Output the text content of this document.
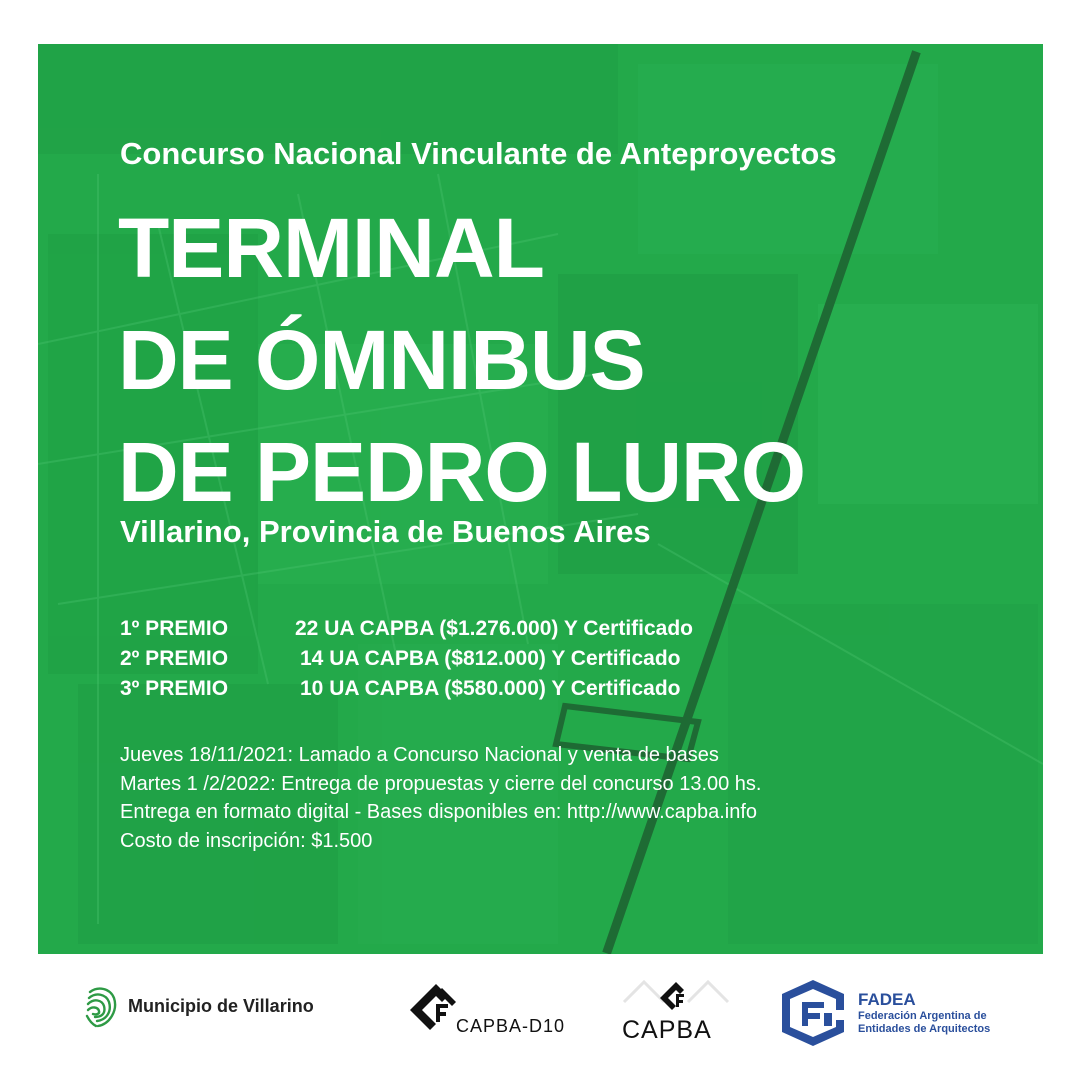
Concurso Nacional Vinculante de Anteproyectos
TERMINAL
DE ÓMNIBUS
DE PEDRO LURO
Villarino, Provincia de Buenos Aires
1º PREMIO	22 UA CAPBA ($1.276.000) Y Certificado
2º PREMIO	14 UA CAPBA ($812.000) Y Certificado
3º PREMIO	10 UA CAPBA ($580.000) Y Certificado
Jueves 18/11/2021: Lamado a Concurso Nacional y venta de bases
Martes 1 /2/2022: Entrega de propuestas y cierre del concurso 13.00 hs.
Entrega en formato digital - Bases disponibles en: http://www.capba.info
Costo de inscripción: $1.500
Municipio de Villarino
CAPBA-D10 CAPBA
FADEA
Federación Argentina de
Entidades de Arquitectos
